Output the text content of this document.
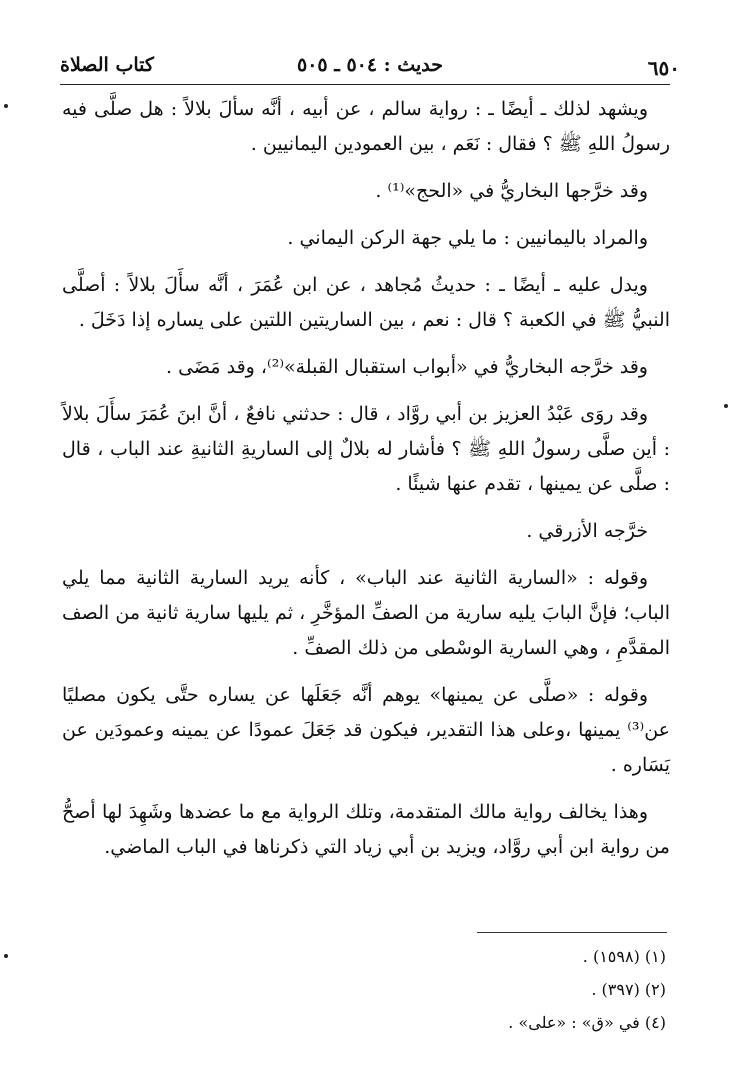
٦٥٠
حديث : ٥٠٤ ـ ٥٠٥
كتاب الصلاة

ويشهد لذلك ـ أيضًا ـ : رواية سالم ، عن أبيه ، أنَّه سألَ بلالاً : هل صلَّى فيه رسولُ اللهِ ﷺ ؟ فقال : نَعَم ، بين العمودين اليمانيين .

وقد خرَّجها البخاريُّ في «الحج»⁽¹⁾ .

والمراد باليمانيين : ما يلي جهة الركن اليماني .

ويدل عليه ـ أيضًا ـ : حديثُ مُجاهد ، عن ابن عُمَرَ ، أنَّه سأَلَ بلالاً : أصلَّى النبيُّ ﷺ في الكعبة ؟ قال : نعم ، بين الساريتين اللتين على يساره إذا دَخَلَ .

وقد خرَّجه البخاريُّ في «أبواب استقبال القبلة»⁽²⁾، وقد مَضَى .

وقد روَى عَبْدُ العزيز بن أبي روَّاد ، قال : حدثني نافعٌ ، أنَّ ابنَ عُمَرَ سأَلَ بلالاً : أين صلَّى رسولُ اللهِ ﷺ ؟ فأشار له بلالٌ إلى الساريةِ الثانيةِ عند الباب ، قال : صلَّى عن يمينها ، تقدم عنها شيئًا .

خرَّجه الأزرقي .

وقوله : «السارية الثانية عند الباب» ، كأنه يريد السارية الثانية مما يلي الباب؛ فإنَّ البابَ يليه سارية من الصفِّ المؤخَّرِ ، ثم يليها سارية ثانية من الصف المقدَّمِ ، وهي السارية الوسْطى من ذلك الصفِّ .

وقوله : «صلَّى عن يمينها» يوهم أنَّه جَعَلَها عن يساره حتَّى يكون مصليًا عن⁽³⁾ يمينها ،وعلى هذا التقدير، فيكون قد جَعَلَ عمودًا عن يمينه وعمودَين عن يَسَاره .

وهذا يخالف رواية مالك المتقدمة، وتلك الرواية مع ما عضدها وشَهِدَ لها أصحُّ من رواية ابن أبي روَّاد، ويزيد بن أبي زياد التي ذكرناها في الباب الماضي.

(١) (١٥٩٨) .

(٢) (٣٩٧) .

(٤) في «ق» : «على» .
